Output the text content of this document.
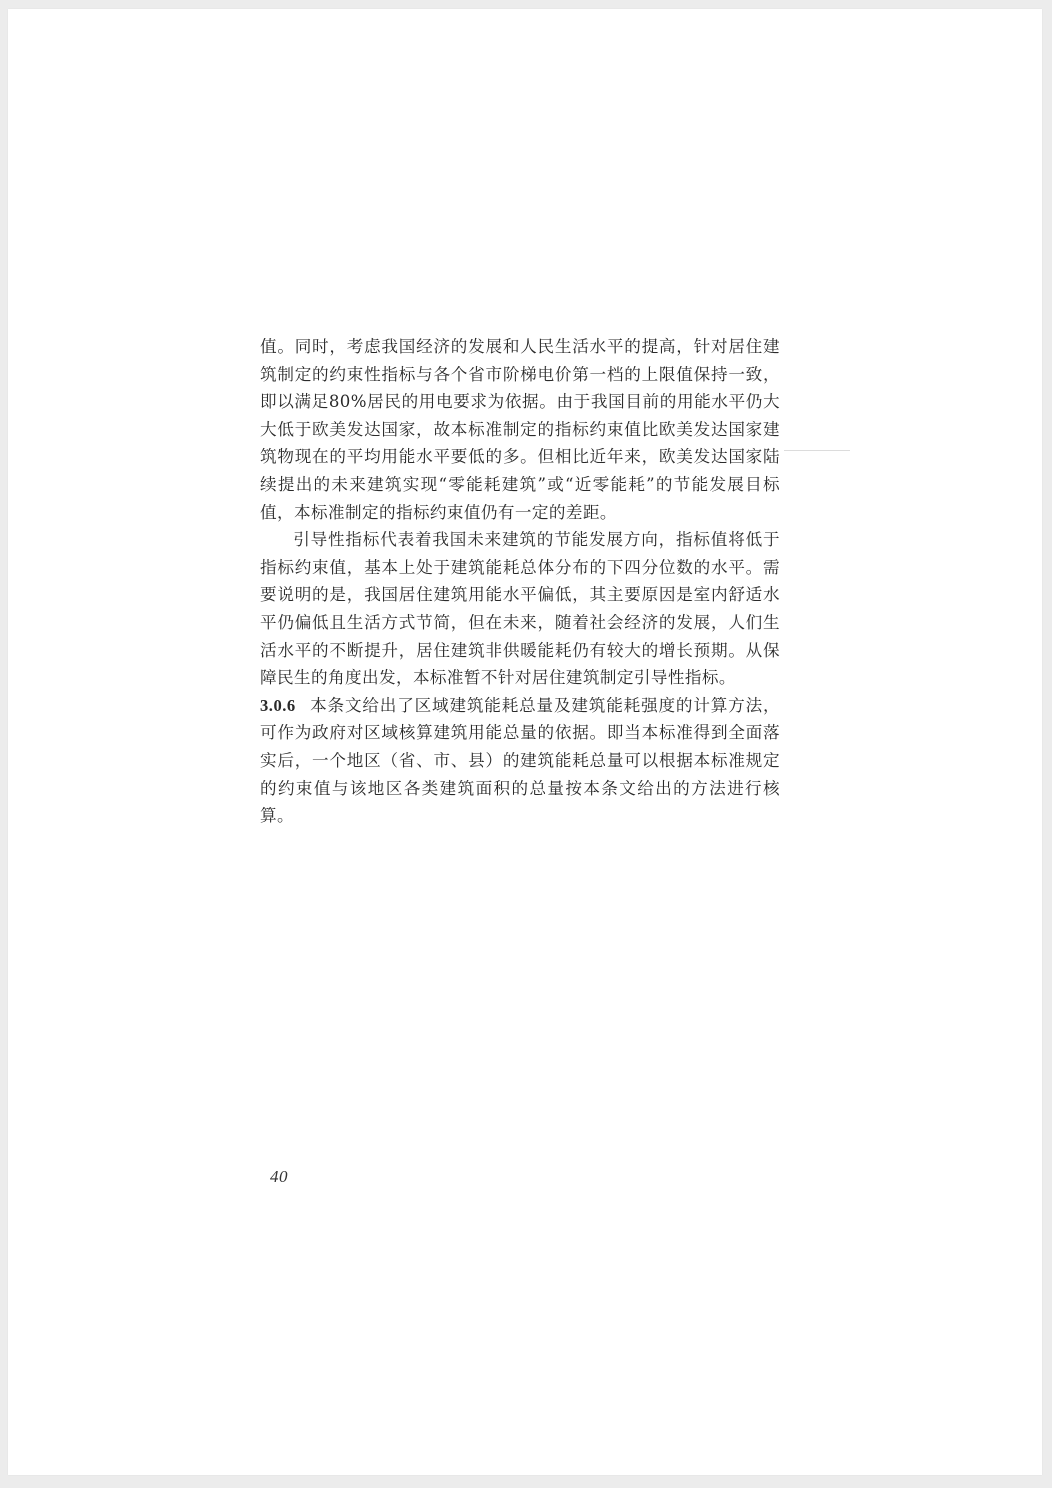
值。同时，考虑我国经济的发展和人民生活水平的提高，针对居住建筑制定的约束性指标与各个省市阶梯电价第一档的上限值保持一致，即以满足80%居民的用电要求为依据。由于我国目前的用能水平仍大大低于欧美发达国家，故本标准制定的指标约束值比欧美发达国家建筑物现在的平均用能水平要低的多。但相比近年来，欧美发达国家陆续提出的未来建筑实现“零能耗建筑”或“近零能耗”的节能发展目标值，本标准制定的指标约束值仍有一定的差距。

引导性指标代表着我国未来建筑的节能发展方向，指标值将低于指标约束值，基本上处于建筑能耗总体分布的下四分位数的水平。需要说明的是，我国居住建筑用能水平偏低，其主要原因是室内舒适水平仍偏低且生活方式节简，但在未来，随着社会经济的发展，人们生活水平的不断提升，居住建筑非供暖能耗仍有较大的增长预期。从保障民生的角度出发，本标准暂不针对居住建筑制定引导性指标。

3.0.6 本条文给出了区域建筑能耗总量及建筑能耗强度的计算方法，可作为政府对区域核算建筑用能总量的依据。即当本标准得到全面落实后，一个地区（省、市、县）的建筑能耗总量可以根据本标准规定的约束值与该地区各类建筑面积的总量按本条文给出的方法进行核算。

40
